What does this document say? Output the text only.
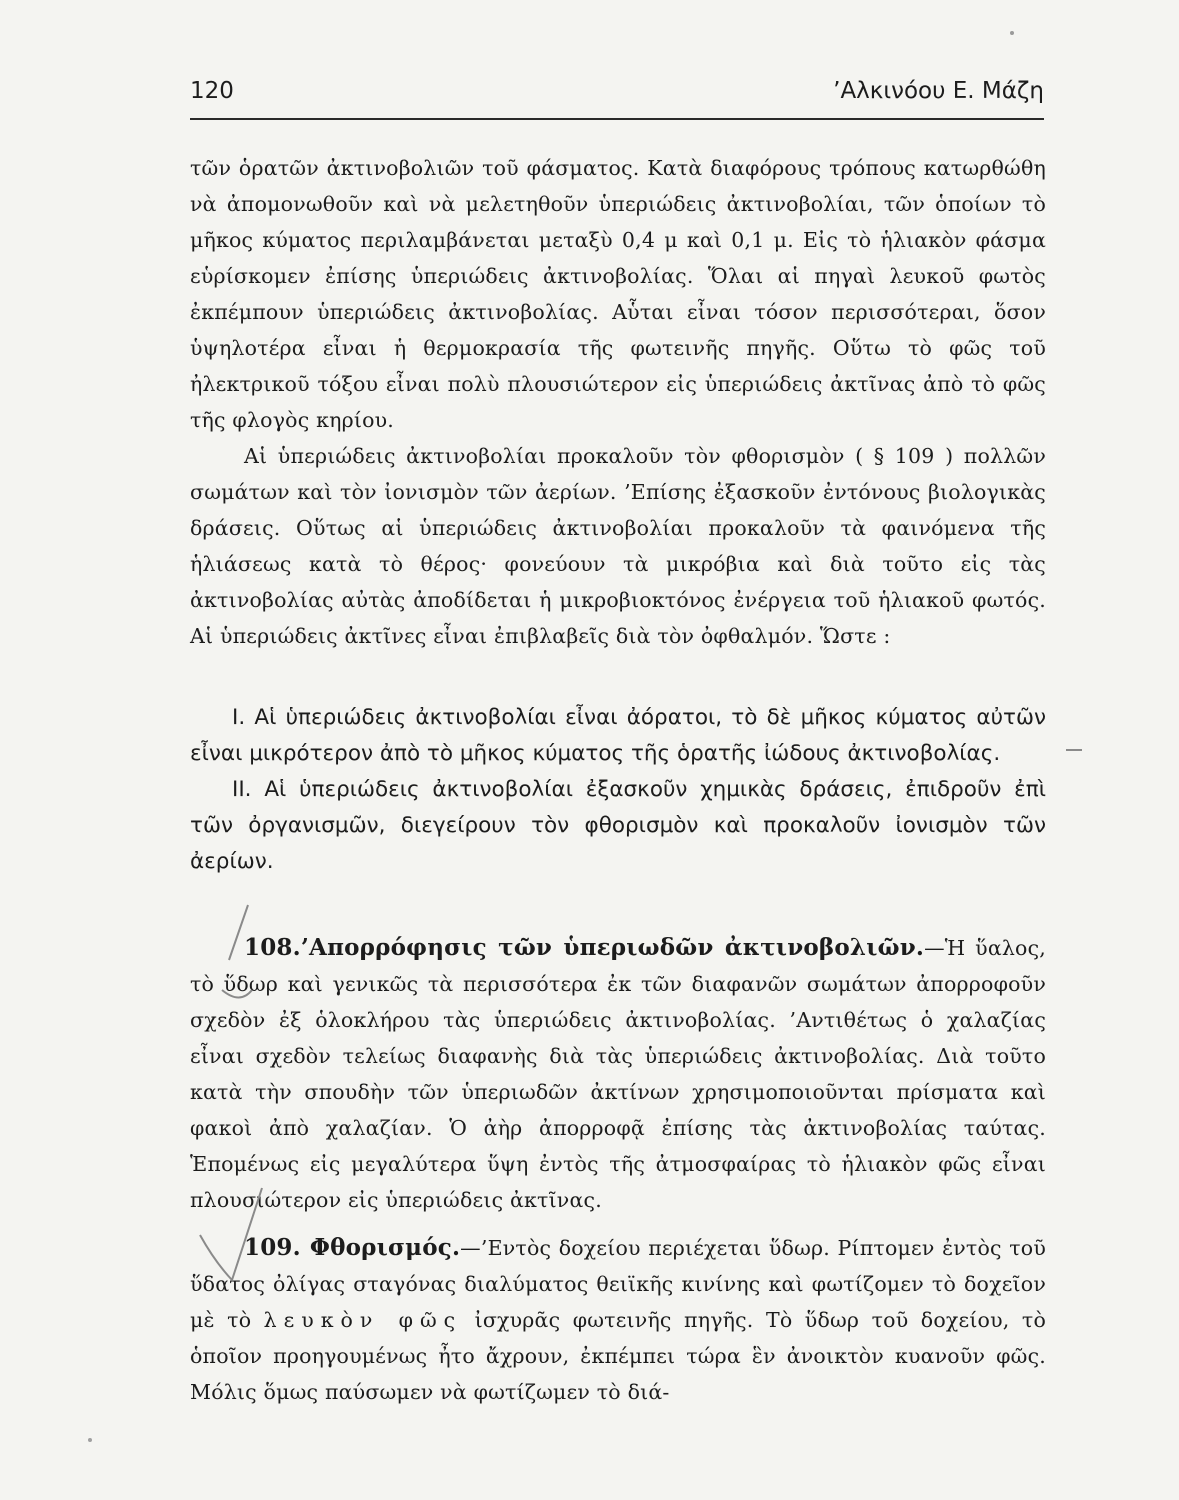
120	’Αλκινόου Ε. Μάζη

τῶν ὁρατῶν ἀκτινοβολιῶν τοῦ φάσματος. Κατὰ διαφόρους τρόπους κατωρθώθη νὰ ἀπομονωθοῦν καὶ νὰ μελετηθοῦν ὑπεριώδεις ἀκτινοβολίαι, τῶν ὁποίων τὸ μῆκος κύματος περιλαμβάνεται μεταξὺ 0,4 μ καὶ 0,1 μ. Εἰς τὸ ἡλιακὸν φάσμα εὑρίσκομεν ἐπίσης ὑπεριώδεις ἀκτινοβολίας. Ὅλαι αἱ πηγαὶ λευκοῦ φωτὸς ἐκπέμπουν ὑπεριώδεις ἀκτινοβολίας. Αὗται εἶναι τόσον περισσότεραι, ὅσον ὑψηλοτέρα εἶναι ἡ θερμοκρασία τῆς φωτεινῆς πηγῆς. Οὕτω τὸ φῶς τοῦ ἠλεκτρικοῦ τόξου εἶναι πολὺ πλουσιώτερον εἰς ὑπεριώδεις ἀκτῖνας ἀπὸ τὸ φῶς τῆς φλογὸς κηρίου.

Αἱ ὑπεριώδεις ἀκτινοβολίαι προκαλοῦν τὸν φθορισμὸν ( § 109 ) πολλῶν σωμάτων καὶ τὸν ἰονισμὸν τῶν ἀερίων. ’Επίσης ἐξασκοῦν ἐντόνους βιολογικὰς δράσεις. Οὕτως αἱ ὑπεριώδεις ἀκτινοβολίαι προκαλοῦν τὰ φαινόμενα τῆς ἡλιάσεως κατὰ τὸ θέρος· φονεύουν τὰ μικρόβια καὶ διὰ τοῦτο εἰς τὰς ἀκτινοβολίας αὐτὰς ἀποδίδεται ἡ μικροβιοκτόνος ἐνέργεια τοῦ ἡλιακοῦ φωτός. Αἱ ὑπεριώδεις ἀκτῖνες εἶναι ἐπιβλαβεῖς διὰ τὸν ὀφθαλμόν. Ὥστε :

Ι. Αἱ ὑπεριώδεις ἀκτινοβολίαι εἶναι ἀόρατοι, τὸ δὲ μῆκος κύματος αὐτῶν εἶναι μικρότερον ἀπὸ τὸ μῆκος κύματος τῆς ὁρατῆς ἰώδους ἀκτινοβολίας.

ΙΙ. Αἱ ὑπεριώδεις ἀκτινοβολίαι ἐξασκοῦν χημικὰς δράσεις, ἐπιδροῦν ἐπὶ τῶν ὀργανισμῶν, διεγείρουν τὸν φθορισμὸν καὶ προκαλοῦν ἰονισμὸν τῶν ἀερίων.

108.’Απορρόφησις τῶν ὑπεριωδῶν ἀκτινοβολιῶν.—Ἡ ὕαλος, τὸ ὕδωρ καὶ γενικῶς τὰ περισσότερα ἐκ τῶν διαφανῶν σωμάτων ἀπορροφοῦν σχεδὸν ἐξ ὁλοκλήρου τὰς ὑπεριώδεις ἀκτινοβολίας. ’Αντιθέτως ὁ χαλαζίας εἶναι σχεδὸν τελείως διαφανὴς διὰ τὰς ὑπεριώδεις ἀκτινοβολίας. Διὰ τοῦτο κατὰ τὴν σπουδὴν τῶν ὑπεριωδῶν ἀκτίνων χρησιμοποιοῦνται πρίσματα καὶ φακοὶ ἀπὸ χαλαζίαν. Ὁ ἀὴρ ἀπορροφᾷ ἐπίσης τὰς ἀκτινοβολίας ταύτας. Ἑπομένως εἰς μεγαλύτερα ὕψη ἐντὸς τῆς ἀτμοσφαίρας τὸ ἡλιακὸν φῶς εἶναι πλουσιώτερον εἰς ὑπεριώδεις ἀκτῖνας.

109. Φθορισμός.—’Εντὸς δοχείου περιέχεται ὕδωρ. Ρίπτομεν ἐντὸς τοῦ ὕδατος ὀλίγας σταγόνας διαλύματος θειϊκῆς κινίνης καὶ φωτίζομεν τὸ δοχεῖον μὲ τὸ λευκὸν φῶς ἰσχυρᾶς φωτεινῆς πηγῆς. Τὸ ὕδωρ τοῦ δοχείου, τὸ ὁποῖον προηγουμένως ἦτο ἄχρουν, ἐκπέμπει τώρα ἓν ἀνοικτὸν κυανοῦν φῶς. Μόλις ὅμως παύσωμεν νὰ φωτίζωμεν τὸ διά-
